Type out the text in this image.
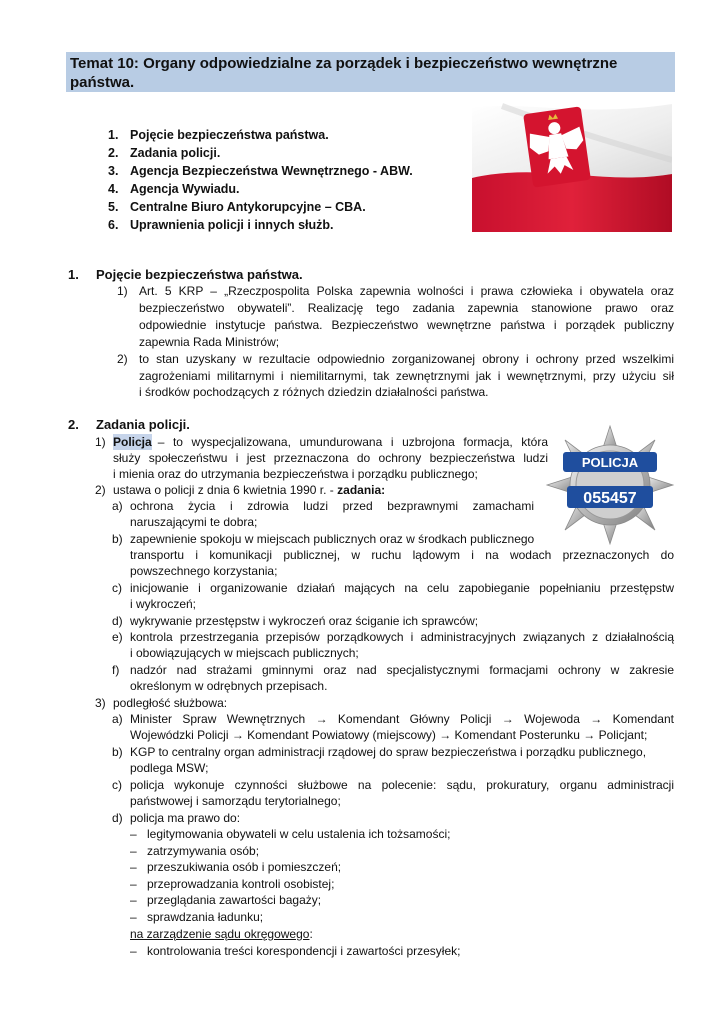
Temat 10: Organy odpowiedzialne za porządek i bezpieczeństwo wewnętrzne państwa.
1. Pojęcie bezpieczeństwa państwa.
2. Zadania policji.
3. Agencja Bezpieczeństwa Wewnętrznego - ABW.
4. Agencja Wywiadu.
5. Centralne Biuro Antykorupcyjne – CBA.
6. Uprawnienia policji i innych służb.
1. Pojęcie bezpieczeństwa państwa.
1) Art. 5 KRP – „Rzeczpospolita Polska zapewnia wolności i prawa człowieka i obywatela oraz
bezpieczeństwo obywateli”. Realizację tego zadania zapewnia stanowione prawo oraz
odpowiednie instytucje państwa. Bezpieczeństwo wewnętrzne państwa i porządek publiczny
zapewnia Rada Ministrów;
2) to stan uzyskany w rezultacie odpowiednio zorganizowanej obrony i ochrony przed wszelkimi
zagrożeniami militarnymi i niemilitarnymi, tak zewnętrznymi jak i wewnętrznymi, przy użyciu sił
i środków pochodzących z różnych dziedzin działalności państwa.
2. Zadania policji.
POLICJA
055457
1) Policja – to wyspecjalizowana, umundurowana i uzbrojona formacja, która
służy społeczeństwu i jest przeznaczona do ochrony bezpieczeństwa ludzi
i mienia oraz do utrzymania bezpieczeństwa i porządku publicznego;
2) ustawa o policji z dnia 6 kwietnia 1990 r. - zadania:
a) ochrona życia i zdrowia ludzi przed bezprawnymi zamachami
naruszającymi te dobra;
b) zapewnienie spokoju w miejscach publicznych oraz w środkach publicznego
transportu i komunikacji publicznej, w ruchu lądowym i na wodach przeznaczonych do
powszechnego korzystania;
c) inicjowanie i organizowanie działań mających na celu zapobieganie popełnianiu przestępstw
i wykroczeń;
d) wykrywanie przestępstw i wykroczeń oraz ściganie ich sprawców;
e) kontrola przestrzegania przepisów porządkowych i administracyjnych związanych z działalnością
i obowiązujących w miejscach publicznych;
f) nadzór nad strażami gminnymi oraz nad specjalistycznymi formacjami ochrony w zakresie
określonym w odrębnych przepisach.
3) podległość służbowa:
a) Minister Spraw Wewnętrznych → Komendant Główny Policji → Wojewoda → Komendant
Wojewódzki Policji → Komendant Powiatowy (miejscowy) → Komendant Posterunku → Policjant;
b) KGP to centralny organ administracji rządowej do spraw bezpieczeństwa i porządku publicznego,
podlega MSW;
c) policja wykonuje czynności służbowe na polecenie: sądu, prokuratury, organu administracji
państwowej i samorządu terytorialnego;
d) policja ma prawo do:
– legitymowania obywateli w celu ustalenia ich tożsamości;
– zatrzymywania osób;
– przeszukiwania osób i pomieszczeń;
– przeprowadzania kontroli osobistej;
– przeglądania zawartości bagaży;
– sprawdzania ładunku;
na zarządzenie sądu okręgowego:
– kontrolowania treści korespondencji i zawartości przesyłek;
